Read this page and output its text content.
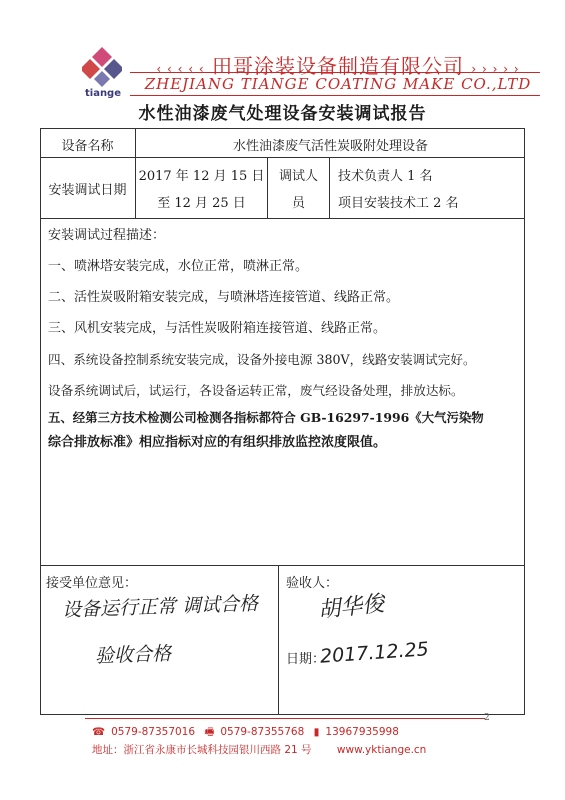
tiange
‹ ‹ ‹ ‹ ‹ 田哥涂装设备制造有限公司 › › › › ›
ZHEJIANG TIANGE COATING MAKE CO.,LTD
水性油漆废气处理设备安装调试报告
设备名称	水性油漆废气活性炭吸附处理设备
安装调试日期
2017 年 12 月 15 日
至 12 月 25 日
调试人
员
技术负责人 1 名
项目安装技术工 2 名
安装调试过程描述：
一、喷淋塔安装完成，水位正常，喷淋正常。
二、活性炭吸附箱安装完成，与喷淋塔连接管道、线路正常。
三、风机安装完成，与活性炭吸附箱连接管道、线路正常。
四、系统设备控制系统安装完成，设备外接电源 380V，线路安装调试完好。
设备系统调试后，试运行，各设备运转正常，废气经设备处理，排放达标。
五、经第三方技术检测公司检测各指标都符合 GB-16297-1996《大气污染物
综合排放标准》相应指标对应的有组织排放监控浓度限值。
接受单位意见：
设备运行正常 调试合格
验收合格
验收人：
胡华俊
日期：
2017.12.25
2
☎ 0579-87357016 🖷 0579-87355768 ▮ 13967935998
地址：浙江省永康市长城科技园银川西路 21 号 www.yktiange.cn
